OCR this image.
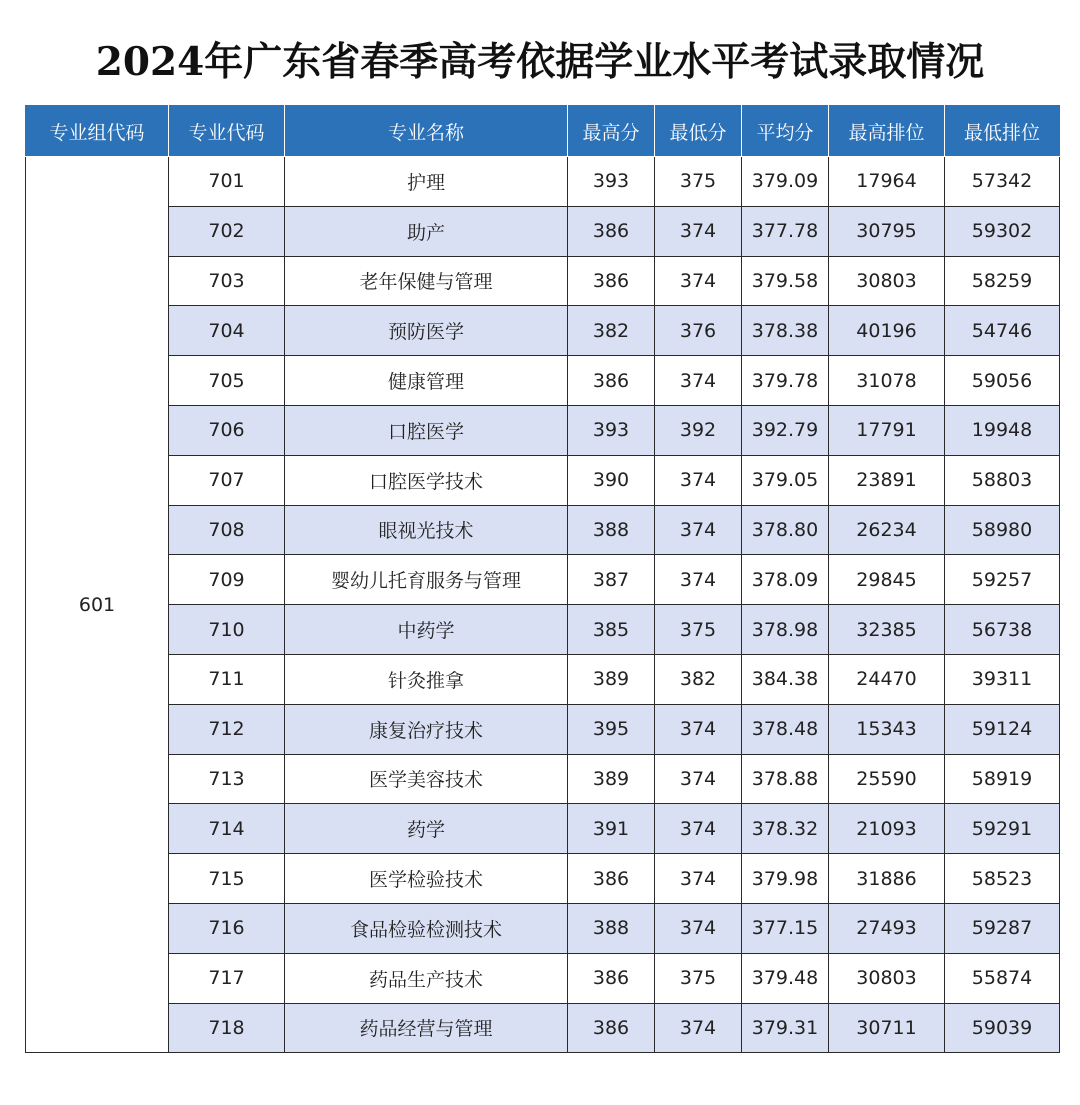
2024年广东省春季高考依据学业水平考试录取情况
专业组代码	专业代码	专业名称	最高分	最低分	平均分	最高排位	最低排位
601	701	护理	393	375	379.09	17964	57342
	702	助产	386	374	377.78	30795	59302
	703	老年保健与管理	386	374	379.58	30803	58259
	704	预防医学	382	376	378.38	40196	54746
	705	健康管理	386	374	379.78	31078	59056
	706	口腔医学	393	392	392.79	17791	19948
	707	口腔医学技术	390	374	379.05	23891	58803
	708	眼视光技术	388	374	378.80	26234	58980
	709	婴幼儿托育服务与管理	387	374	378.09	29845	59257
	710	中药学	385	375	378.98	32385	56738
	711	针灸推拿	389	382	384.38	24470	39311
	712	康复治疗技术	395	374	378.48	15343	59124
	713	医学美容技术	389	374	378.88	25590	58919
	714	药学	391	374	378.32	21093	59291
	715	医学检验技术	386	374	379.98	31886	58523
	716	食品检验检测技术	388	374	377.15	27493	59287
	717	药品生产技术	386	375	379.48	30803	55874
	718	药品经营与管理	386	374	379.31	30711	59039
